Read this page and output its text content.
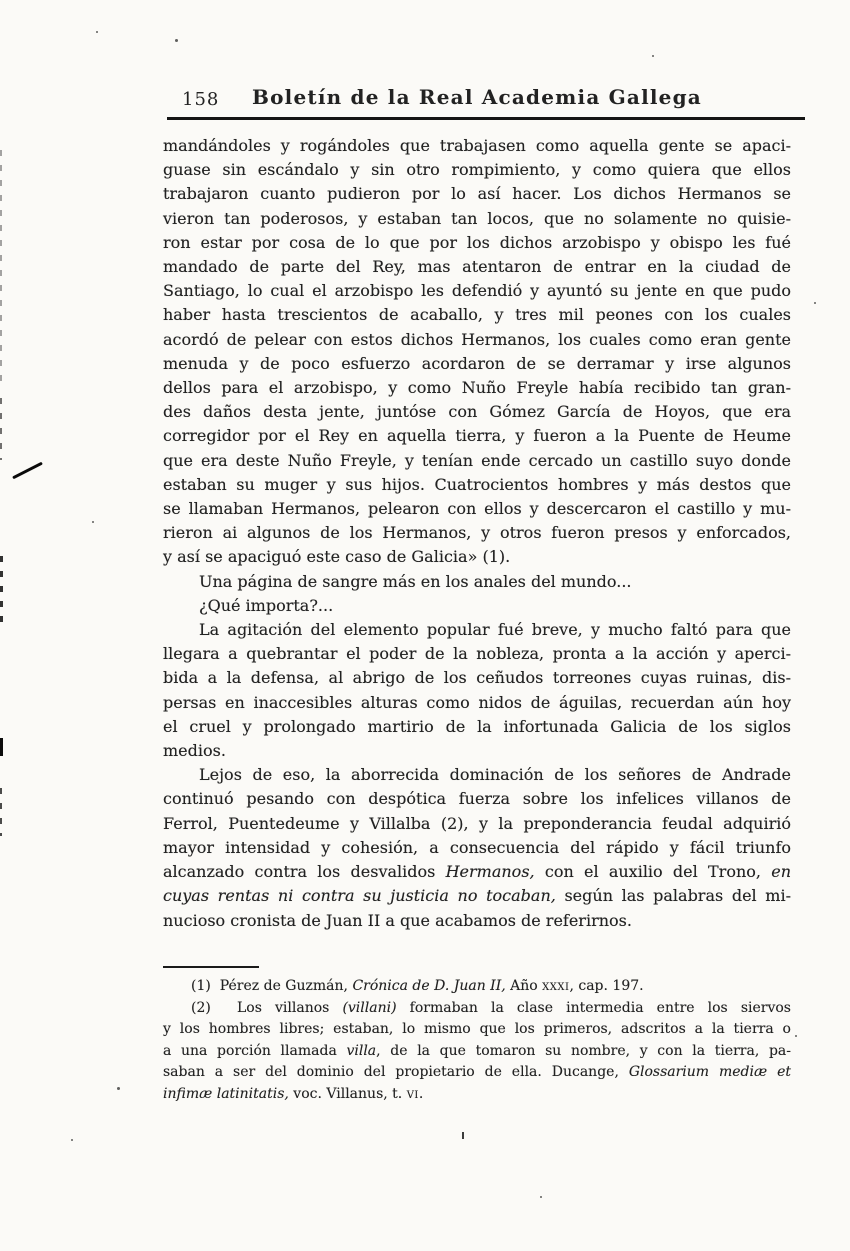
158	Boletín de la Real Academia Gallega
mandándoles y rogándoles que trabajasen como aquella gente se apaci-
guase sin escándalo y sin otro rompimiento, y como quiera que ellos
trabajaron cuanto pudieron por lo así hacer. Los dichos Hermanos se
vieron tan poderosos, y estaban tan locos, que no solamente no quisie-
ron estar por cosa de lo que por los dichos arzobispo y obispo les fué
mandado de parte del Rey, mas atentaron de entrar en la ciudad de
Santiago, lo cual el arzobispo les defendió y ayuntó su jente en que pudo
haber hasta trescientos de acaballo, y tres mil peones con los cuales
acordó de pelear con estos dichos Hermanos, los cuales como eran gente
menuda y de poco esfuerzo acordaron de se derramar y irse algunos
dellos para el arzobispo, y como Nuño Freyle había recibido tan gran-
des daños desta jente, juntóse con Gómez García de Hoyos, que era
corregidor por el Rey en aquella tierra, y fueron a la Puente de Heume
que era deste Nuño Freyle, y tenían ende cercado un castillo suyo donde
estaban su muger y sus hijos. Cuatrocientos hombres y más destos que
se llamaban Hermanos, pelearon con ellos y descercaron el castillo y mu-
rieron ai algunos de los Hermanos, y otros fueron presos y enforcados,
y así se apaciguó este caso de Galicia» (1).
Una página de sangre más en los anales del mundo...
¿Qué importa?...
La agitación del elemento popular fué breve, y mucho faltó para que
llegara a quebrantar el poder de la nobleza, pronta a la acción y aperci-
bida a la defensa, al abrigo de los ceñudos torreones cuyas ruinas, dis-
persas en inaccesibles alturas como nidos de águilas, recuerdan aún hoy
el cruel y prolongado martirio de la infortunada Galicia de los siglos
medios.
Lejos de eso, la aborrecida dominación de los señores de Andrade
continuó pesando con despótica fuerza sobre los infelices villanos de
Ferrol, Puentedeume y Villalba (2), y la preponderancia feudal adquirió
mayor intensidad y cohesión, a consecuencia del rápido y fácil triunfo
alcanzado contra los desvalidos Hermanos, con el auxilio del Trono, en
cuyas rentas ni contra su justicia no tocaban, según las palabras del mi-
nucioso cronista de Juan II a que acabamos de referirnos.
(1)  Pérez de Guzmán, Crónica de D. Juan II, Año xxxi, cap. 197.
(2)  Los villanos (villani) formaban la clase intermedia entre los siervos
y los hombres libres; estaban, lo mismo que los primeros, adscritos a la tierra o
a una porción llamada villa, de la que tomaron su nombre, y con la tierra, pa-
saban a ser del dominio del propietario de ella. Ducange, Glossarium mediæ et
infimæ latinitatis, voc. Villanus, t. vi.
